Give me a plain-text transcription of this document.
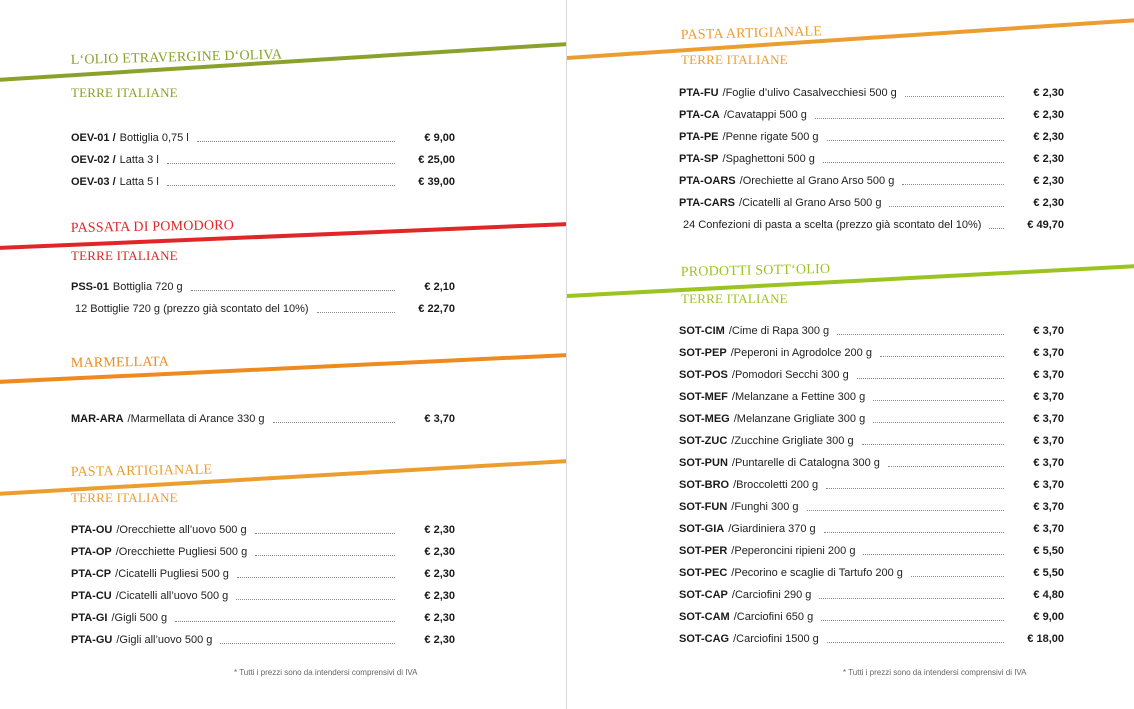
L‘OLIO ETRAVERGINE D‘OLIVA
TERRE ITALIANE
OEV-01 / Bottiglia 0,75 l	€ 9,00
OEV-02 / Latta 3 l	€ 25,00
OEV-03 / Latta 5 l	€ 39,00
PASSATA DI POMODORO
TERRE ITALIANE
PSS-01 Bottiglia 720 g	€ 2,10
12 Bottiglie 720 g (prezzo già scontato del 10%)	€ 22,70
MARMELLATA
MAR-ARA /Marmellata di Arance 330 g	€ 3,70
PASTA ARTIGIANALE
TERRE ITALIANE
PTA-OU /Orecchiette all’uovo 500 g	€ 2,30
PTA-OP /Orecchiette Pugliesi 500 g	€ 2,30
PTA-CP /Cicatelli Pugliesi 500 g	€ 2,30
PTA-CU /Cicatelli all’uovo 500 g	€ 2,30
PTA-GI /Gigli 500 g	€ 2,30
PTA-GU /Gigli all’uovo 500 g	€ 2,30
* Tutti i prezzi sono da intendersi comprensivi di IVA
PASTA ARTIGIANALE
TERRE ITALIANE
PTA-FU /Foglie d’ulivo Casalvecchiesi 500 g	€ 2,30
PTA-CA /Cavatappi 500 g	€ 2,30
PTA-PE /Penne rigate 500 g	€ 2,30
PTA-SP /Spaghettoni 500 g	€ 2,30
PTA-OARS /Orechiette al Grano Arso 500 g	€ 2,30
PTA-CARS /Cicatelli al Grano Arso 500 g	€ 2,30
24 Confezioni di pasta a scelta (prezzo già scontato del 10%)	€ 49,70
PRODOTTI SOTT‘OLIO
TERRE ITALIANE
SOT-CIM /Cime di Rapa 300 g	€ 3,70
SOT-PEP /Peperoni in Agrodolce 200 g	€ 3,70
SOT-POS /Pomodori Secchi 300 g	€ 3,70
SOT-MEF /Melanzane a Fettine 300 g	€ 3,70
SOT-MEG /Melanzane Grigliate 300 g	€ 3,70
SOT-ZUC /Zucchine Grigliate 300 g	€ 3,70
SOT-PUN /Puntarelle di Catalogna 300 g	€ 3,70
SOT-BRO /Broccoletti 200 g	€ 3,70
SOT-FUN /Funghi 300 g	€ 3,70
SOT-GIA /Giardiniera 370 g	€ 3,70
SOT-PER /Peperoncini ripieni 200 g	€ 5,50
SOT-PEC /Pecorino e scaglie di Tartufo 200 g	€ 5,50
SOT-CAP /Carciofini 290 g	€ 4,80
SOT-CAM /Carciofini 650 g	€ 9,00
SOT-CAG /Carciofini 1500 g	€ 18,00
* Tutti i prezzi sono da intendersi comprensivi di IVA
